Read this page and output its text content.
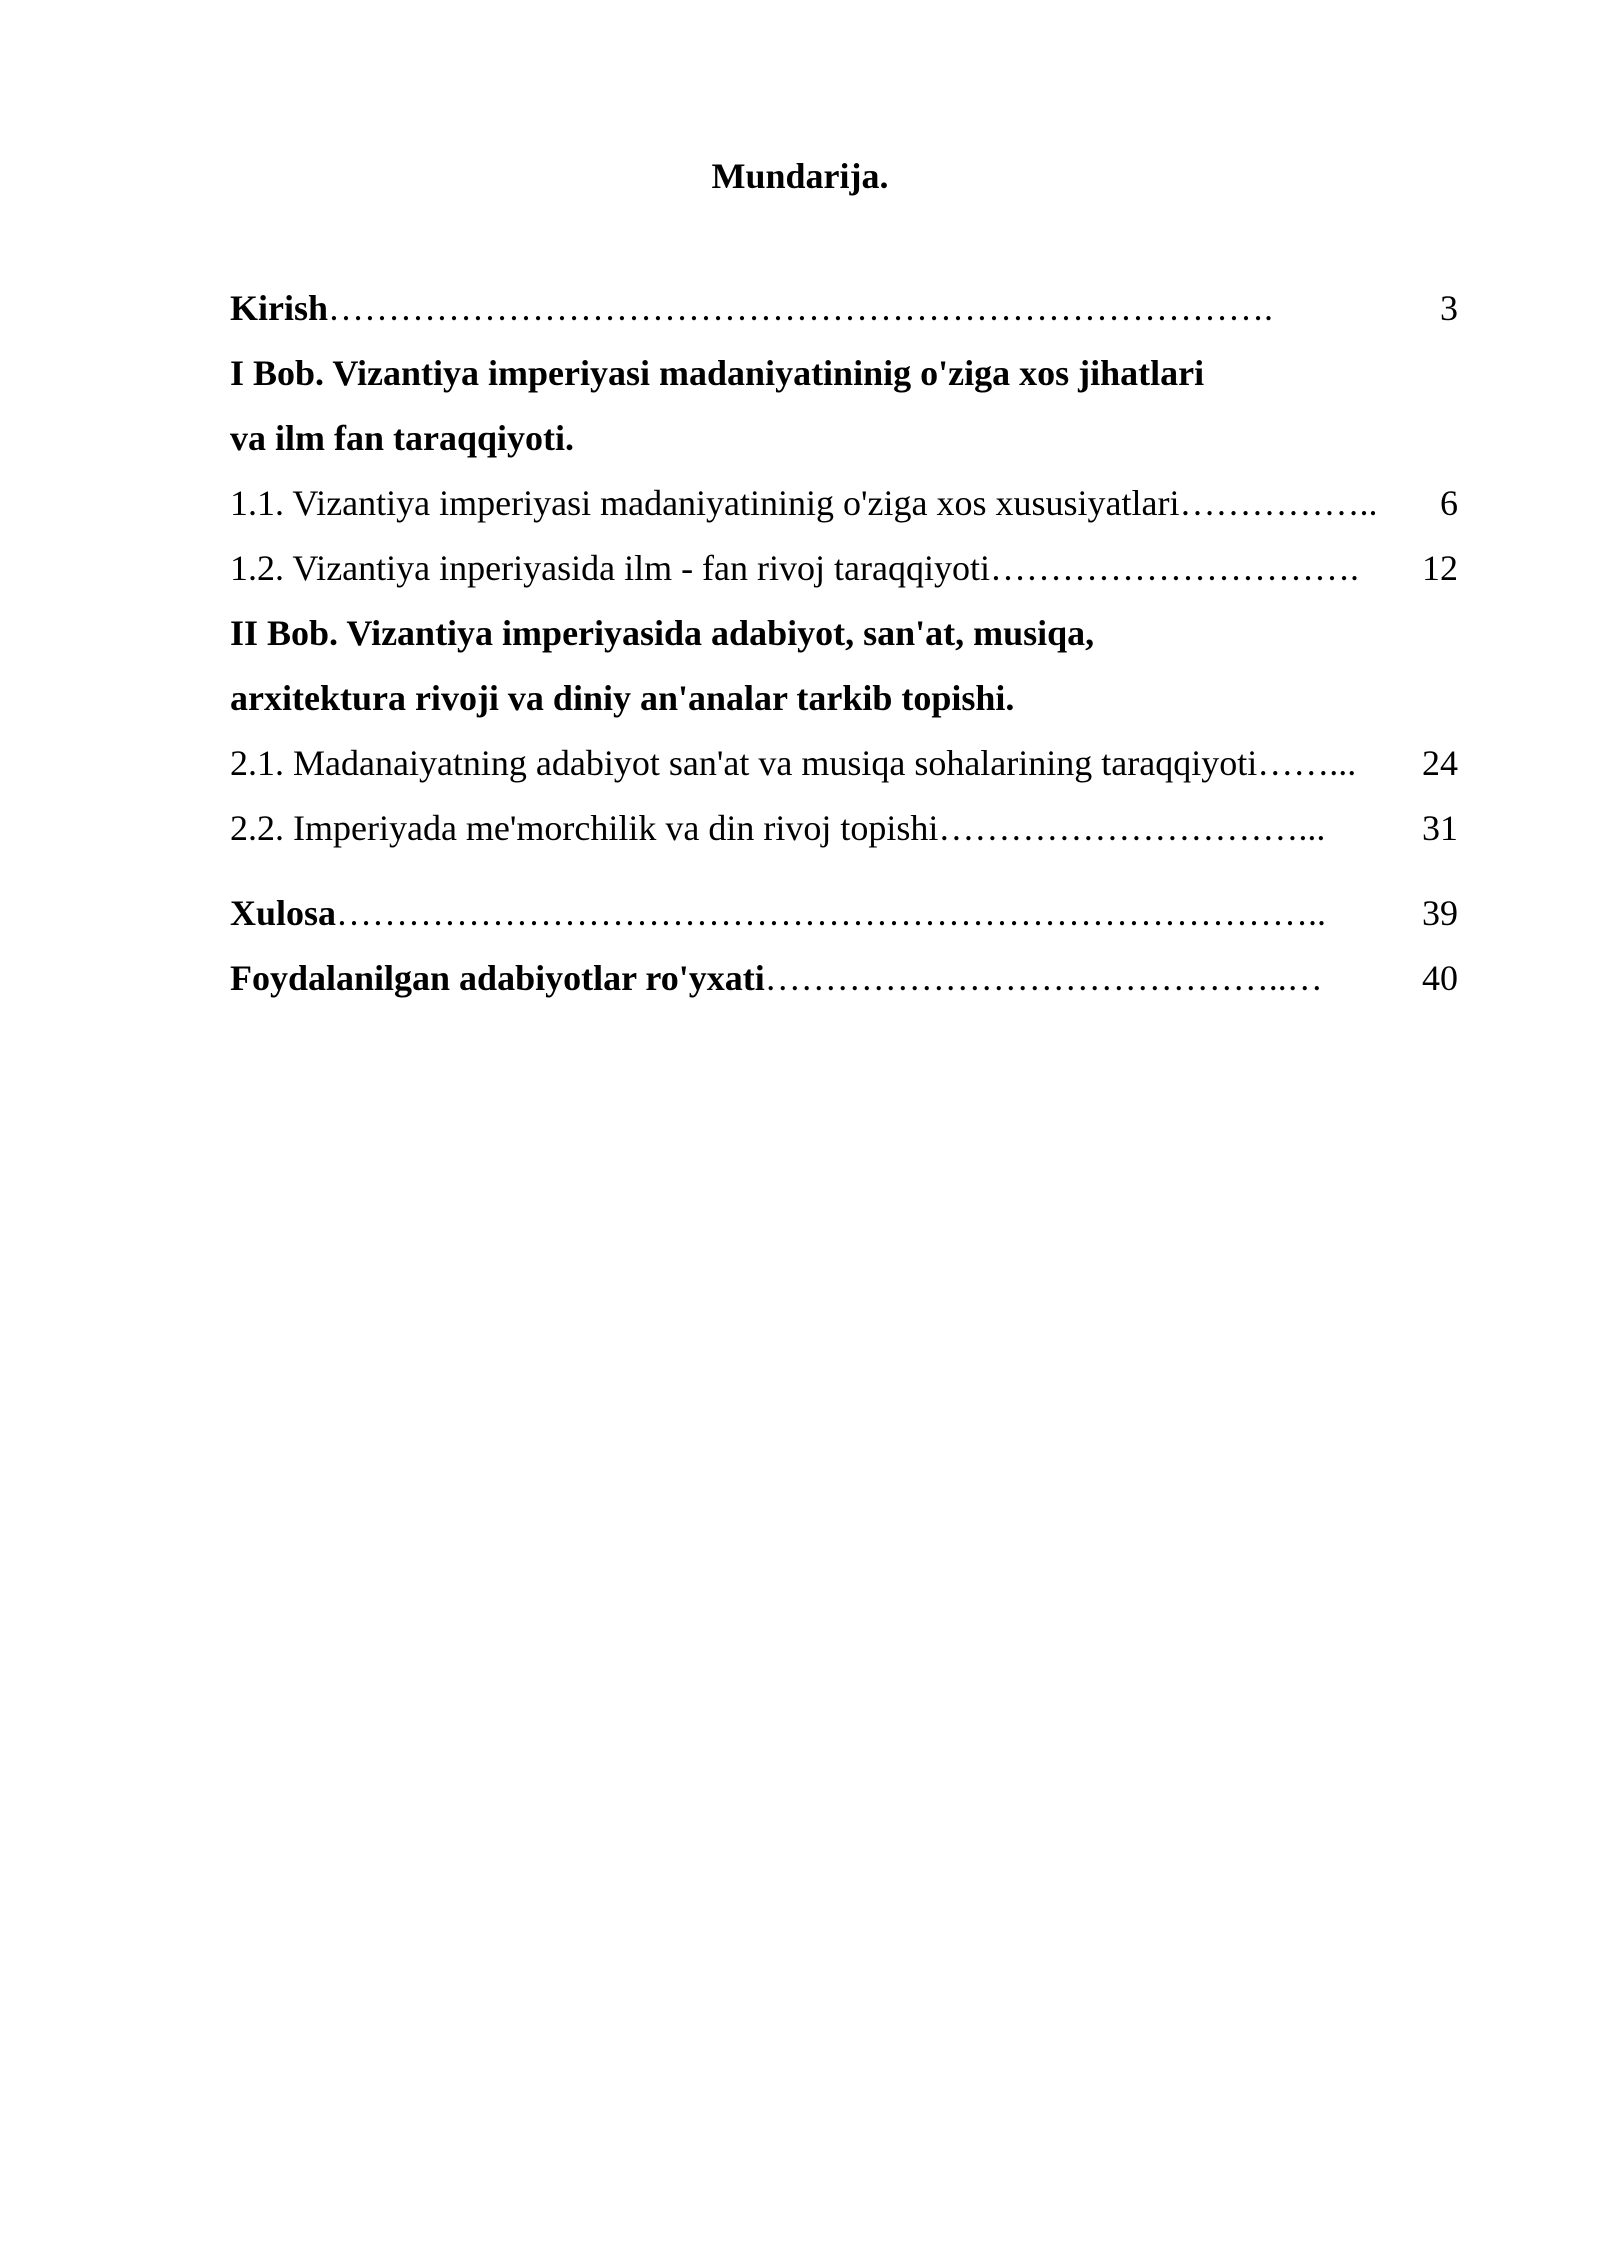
Mundarija.
Kirish …………………………………………………………………….	3
I Bob. Vizantiya imperiyasi madaniyatininig o'ziga xos jihatlari
va ilm fan taraqqiyoti.
1.1. Vizantiya imperiyasi madaniyatininig o'ziga xos xususiyatlari ……………..	6
1.2. Vizantiya inperiyasida ilm - fan rivoj taraqqiyoti ………………………….	12
II Bob. Vizantiya imperiyasida adabiyot, san'at, musiqa,
arxitektura rivoji va diniy an'analar tarkib topishi.
2.1. Madanaiyatning adabiyot san'at va musiqa sohalarining taraqqiyoti ……...	24
2.2. Imperiyada me'morchilik va din rivoj topishi …………………………...	31
Xulosa ………………………………………………………………………..	39
Foydalanilgan adabiyotlar ro'yxati ……………………………………..…	40
